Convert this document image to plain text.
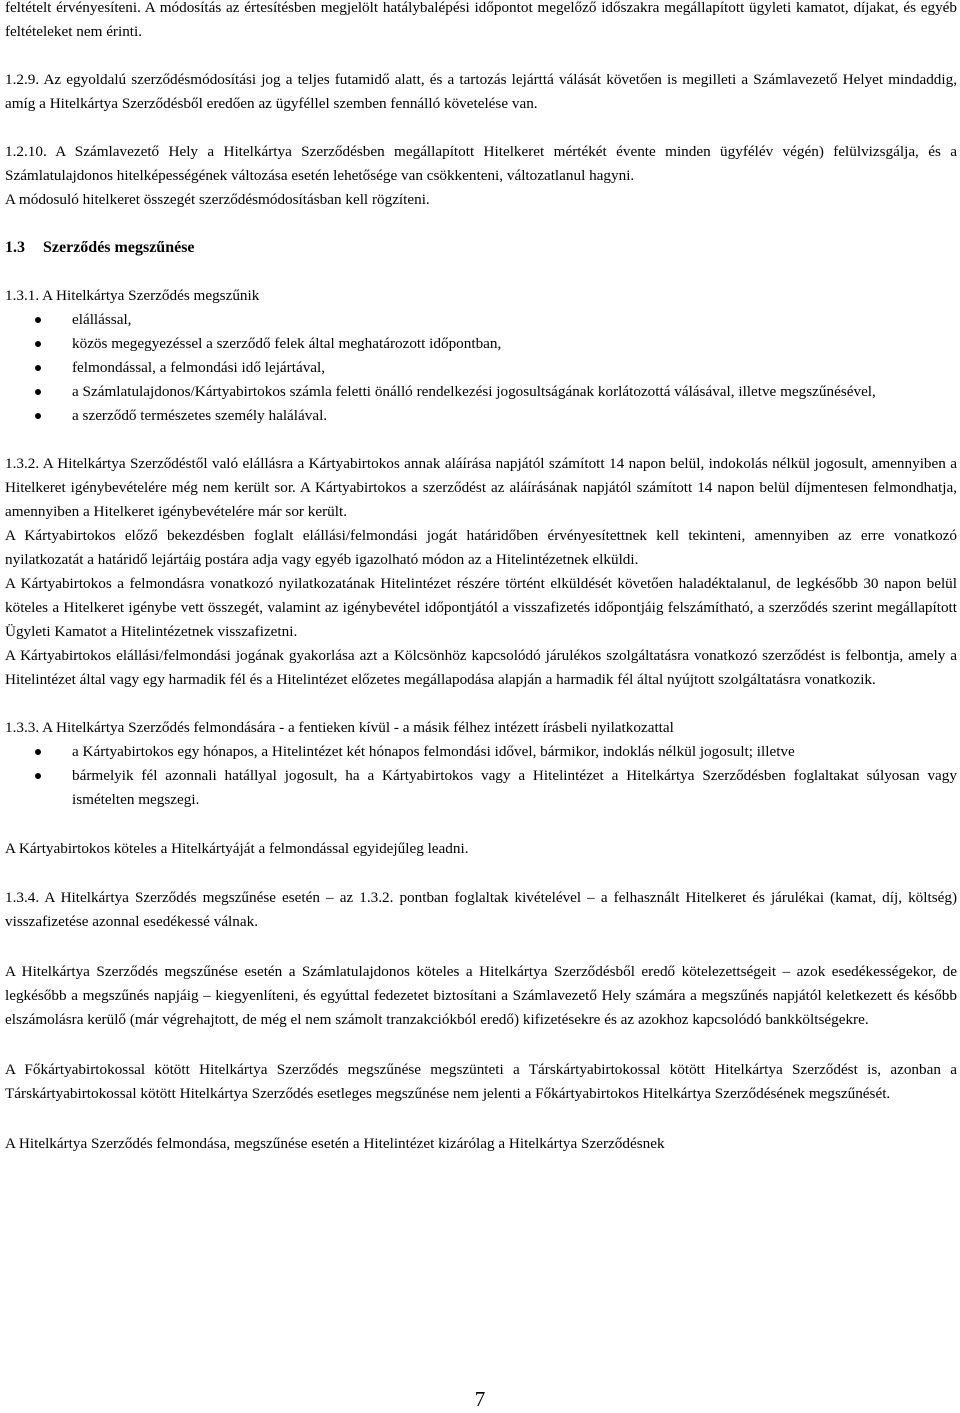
feltételt érvényesíteni. A módosítás az értesítésben megjelölt hatálybalépési időpontot megelőző időszakra megállapított ügyleti kamatot, díjakat, és egyéb feltételeket nem érinti.

1.2.9. Az egyoldalú szerződésmódosítási jog a teljes futamidő alatt, és a tartozás lejárttá válását követően is megilleti a Számlavezető Helyet mindaddig, amíg a Hitelkártya Szerződésből eredően az ügyféllel szemben fennálló követelése van.

1.2.10. A Számlavezető Hely a Hitelkártya Szerződésben megállapított Hitelkeret mértékét évente minden ügyfélév végén) felülvizsgálja, és a Számlatulajdonos hitelképességének változása esetén lehetősége van csökkenteni, változatlanul hagyni.

A módosuló hitelkeret összegét szerződésmódosításban kell rögzíteni.

1.3 Szerződés megszűnése

1.3.1. A Hitelkártya Szerződés megszűnik

elállással,
közös megegyezéssel a szerződő felek által meghatározott időpontban,
felmondással, a felmondási idő lejártával,
a Számlatulajdonos/Kártyabirtokos számla feletti önálló rendelkezési jogosultságának korlátozottá válásával, illetve megszűnésével,
a szerződő természetes személy halálával.

1.3.2. A Hitelkártya Szerződéstől való elállásra a Kártyabirtokos annak aláírása napjától számított 14 napon belül, indokolás nélkül jogosult, amennyiben a Hitelkeret igénybevételére még nem került sor. A Kártyabirtokos a szerződést az aláírásának napjától számított 14 napon belül díjmentesen felmondhatja, amennyiben a Hitelkeret igénybevételére már sor került.

A Kártyabirtokos előző bekezdésben foglalt elállási/felmondási jogát határidőben érvényesítettnek kell tekinteni, amennyiben az erre vonatkozó nyilatkozatát a határidő lejártáig postára adja vagy egyéb igazolható módon az a Hitelintézetnek elküldi.

A Kártyabirtokos a felmondásra vonatkozó nyilatkozatának Hitelintézet részére történt elküldését követően haladéktalanul, de legkésőbb 30 napon belül köteles a Hitelkeret igénybe vett összegét, valamint az igénybevétel időpontjától a visszafizetés időpontjáig felszámítható, a szerződés szerint megállapított Ügyleti Kamatot a Hitelintézetnek visszafizetni.

A Kártyabirtokos elállási/felmondási jogának gyakorlása azt a Kölcsönhöz kapcsolódó járulékos szolgáltatásra vonatkozó szerződést is felbontja, amely a Hitelintézet által vagy egy harmadik fél és a Hitelintézet előzetes megállapodása alapján a harmadik fél által nyújtott szolgáltatásra vonatkozik.

1.3.3. A Hitelkártya Szerződés felmondására - a fentieken kívül - a másik félhez intézett írásbeli nyilatkozattal

a Kártyabirtokos egy hónapos, a Hitelintézet két hónapos felmondási idővel, bármikor, indoklás nélkül jogosult; illetve
bármelyik fél azonnali hatállyal jogosult, ha a Kártyabirtokos vagy a Hitelintézet a Hitelkártya Szerződésben foglaltakat súlyosan vagy ismételten megszegi.

A Kártyabirtokos köteles a Hitelkártyáját a felmondással egyidejűleg leadni.

1.3.4. A Hitelkártya Szerződés megszűnése esetén – az 1.3.2. pontban foglaltak kivételével – a felhasznált Hitelkeret és járulékai (kamat, díj, költség) visszafizetése azonnal esedékessé válnak.

A Hitelkártya Szerződés megszűnése esetén a Számlatulajdonos köteles a Hitelkártya Szerződésből eredő kötelezettségeit – azok esedékességekor, de legkésőbb a megszűnés napjáig – kiegyenlíteni, és egyúttal fedezetet biztosítani a Számlavezető Hely számára a megszűnés napjától keletkezett és később elszámolásra kerülő (már végrehajtott, de még el nem számolt tranzakciókból eredő) kifizetésekre és az azokhoz kapcsolódó bankköltségekre.

A Főkártyabirtokossal kötött Hitelkártya Szerződés megszűnése megszünteti a Társkártyabirtokossal kötött Hitelkártya Szerződést is, azonban a Társkártyabirtokossal kötött Hitelkártya Szerződés esetleges megszűnése nem jelenti a Főkártyabirtokos Hitelkártya Szerződésének megszűnését.

A Hitelkártya Szerződés felmondása, megszűnése esetén a Hitelintézet kizárólag a Hitelkártya Szerződésnek

7
